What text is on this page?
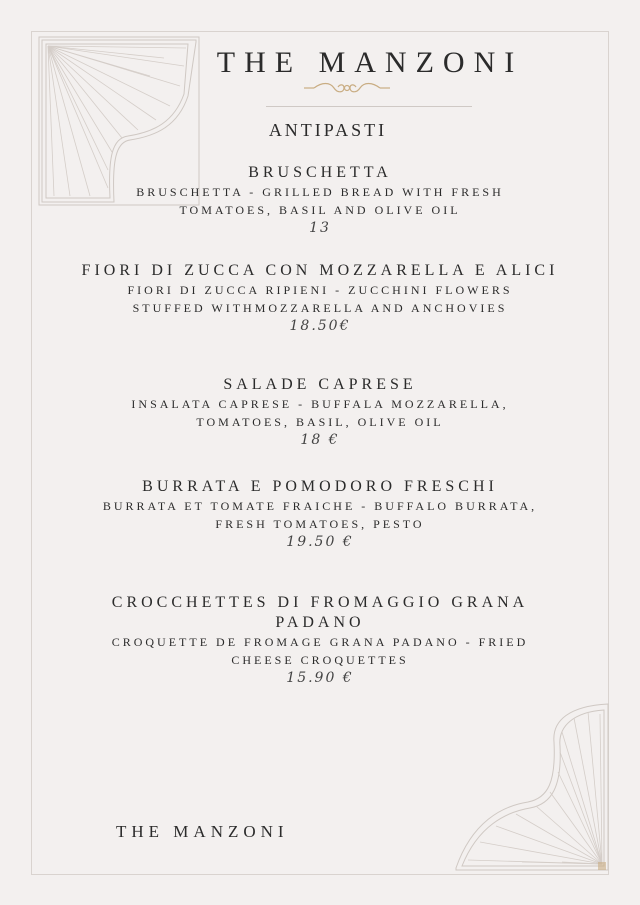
THE MANZONI
ANTIPASTI
BRUSCHETTA
BRUSCHETTA - GRILLED BREAD WITH FRESH
TOMATOES, BASIL AND OLIVE OIL
13
FIORI DI ZUCCA CON MOZZARELLA E ALICI
FIORI DI ZUCCA RIPIENI - ZUCCHINI FLOWERS
STUFFED WITHMOZZARELLA AND ANCHOVIES
18.50€
SALADE CAPRESE
INSALATA CAPRESE - BUFFALA MOZZARELLA,
TOMATOES, BASIL, OLIVE OIL
18 €
BURRATA E POMODORO FRESCHI
BURRATA ET TOMATE FRAICHE - BUFFALO BURRATA,
FRESH TOMATOES, PESTO
19.50 €
CROCCHETTES DI FROMAGGIO GRANA
PADANO
CROQUETTE DE FROMAGE GRANA PADANO - FRIED
CHEESE CROQUETTES
15.90 €
THE MANZONI
